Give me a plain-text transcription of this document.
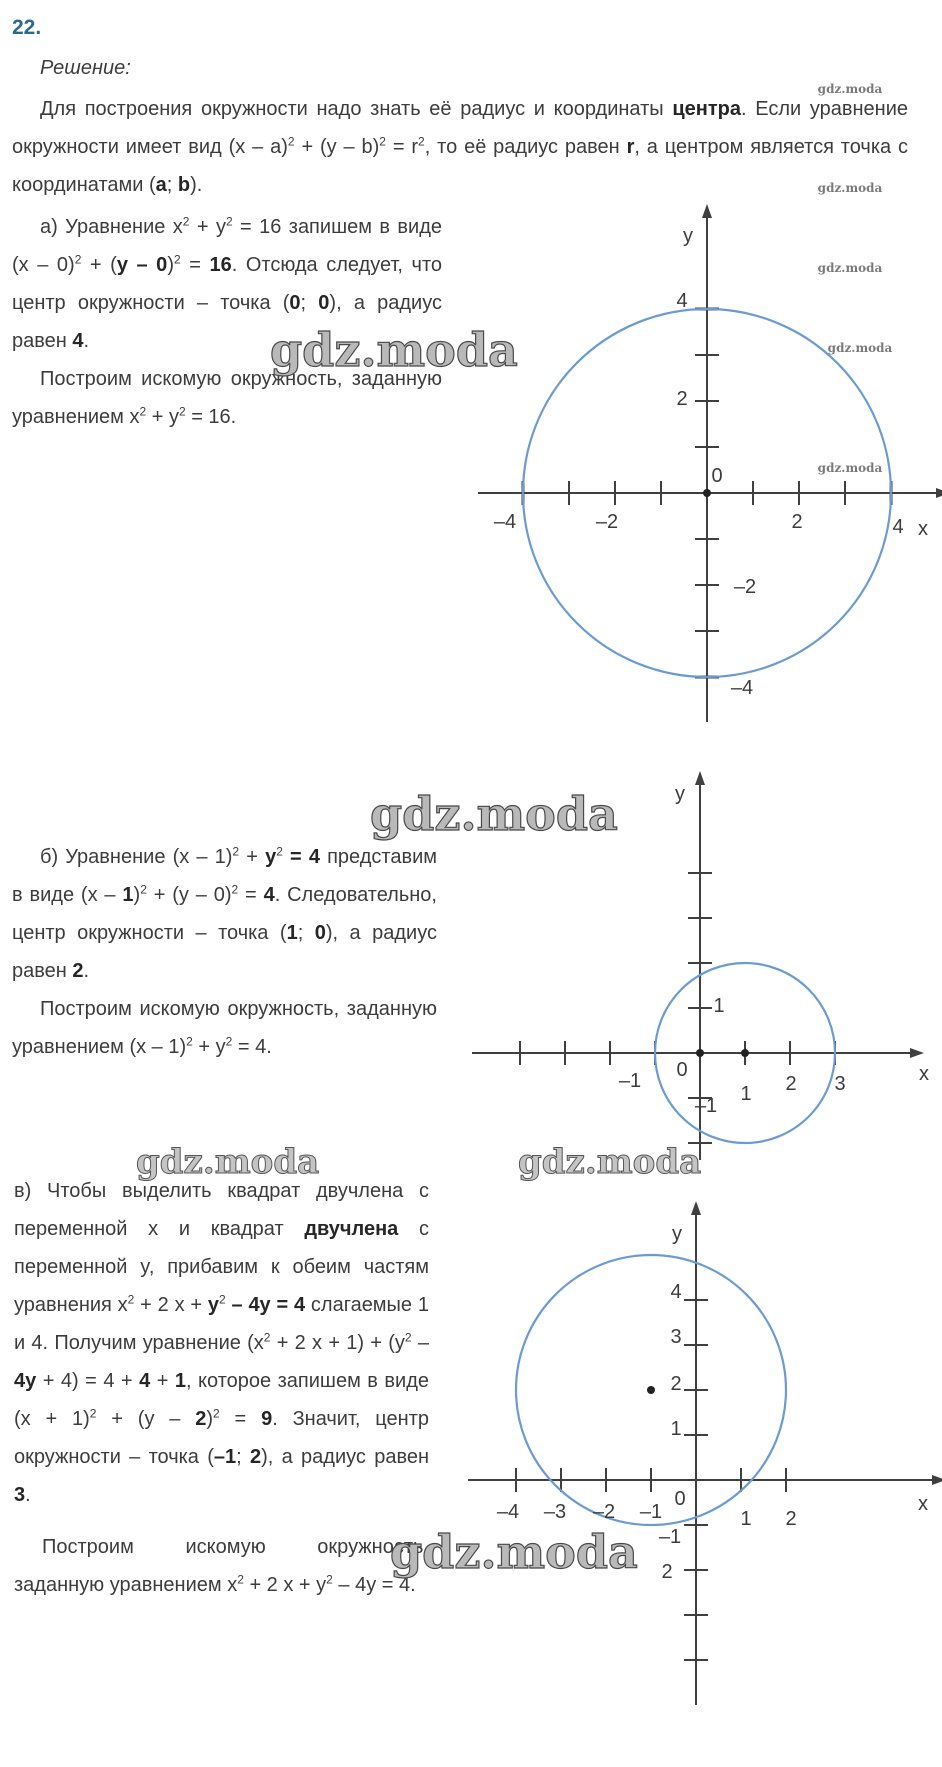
22.
Решение:
Для построения окружности надо знать её радиус и координаты центра. Если уравнение окружности имеет вид $(x - a)^2 + (y - b)^2 = r^2$, то её радиус равен r, а центром является точка с координатами (a; b).

а) Уравнение $x^2 + y^2 = 16$ запишем в виде (x – 0)$^2$ + (y – 0)$^2$ = 16. Отсюда следует, что центр окружности – точка (0; 0), а радиус равен 4.

Построим искомую окружность, заданную уравнением $x^2 + y^2 = 16$.

б) Уравнение $(x - 1)^2 + y^2 = 4$ представим в виде (x – 1)$^2$ + (y – 0)$^2$ = 4. Следовательно, центр окружности – точка (1; 0), а радиус равен 2.

Построим искомую окружность, заданную уравнением $(x - 1)^2 + y^2 = 4$.

в) Чтобы выделить квадрат двучлена с переменной x и квадрат двучлена с переменной y, прибавим к обеим частям уравнения $x^2 + 2$ $x + y^2 - 4y = 4$ слагаемые 1 и 4. Получим уравнение ($x^2 + 2$ $x + 1) + (y^2 - 4y + 4) = 4 + 4 + 1$, которое запишем в виде $(x + 1)^2 + (y - 2)^2 = 9$. Значит, центр окружности – точка (–1; 2), а радиус равен 3.

Построим искомую окружность, заданную уравнением $x^2 + 2$ $x + y^2 - 4y = 4$.

–4	–2	2	4
4
2
–2
–4
0
x
y
–1
1 2 3
1
–1
0	x
y
–4 –3 –2 –1	1 2
4
3
2
1
–1
2
0	x
y
gdz.moda
gdz.moda
gdz.moda
gdz.moda
gdz.moda
gdz.moda
gdz.moda
gdz.moda	gdz.moda
gdz.moda
